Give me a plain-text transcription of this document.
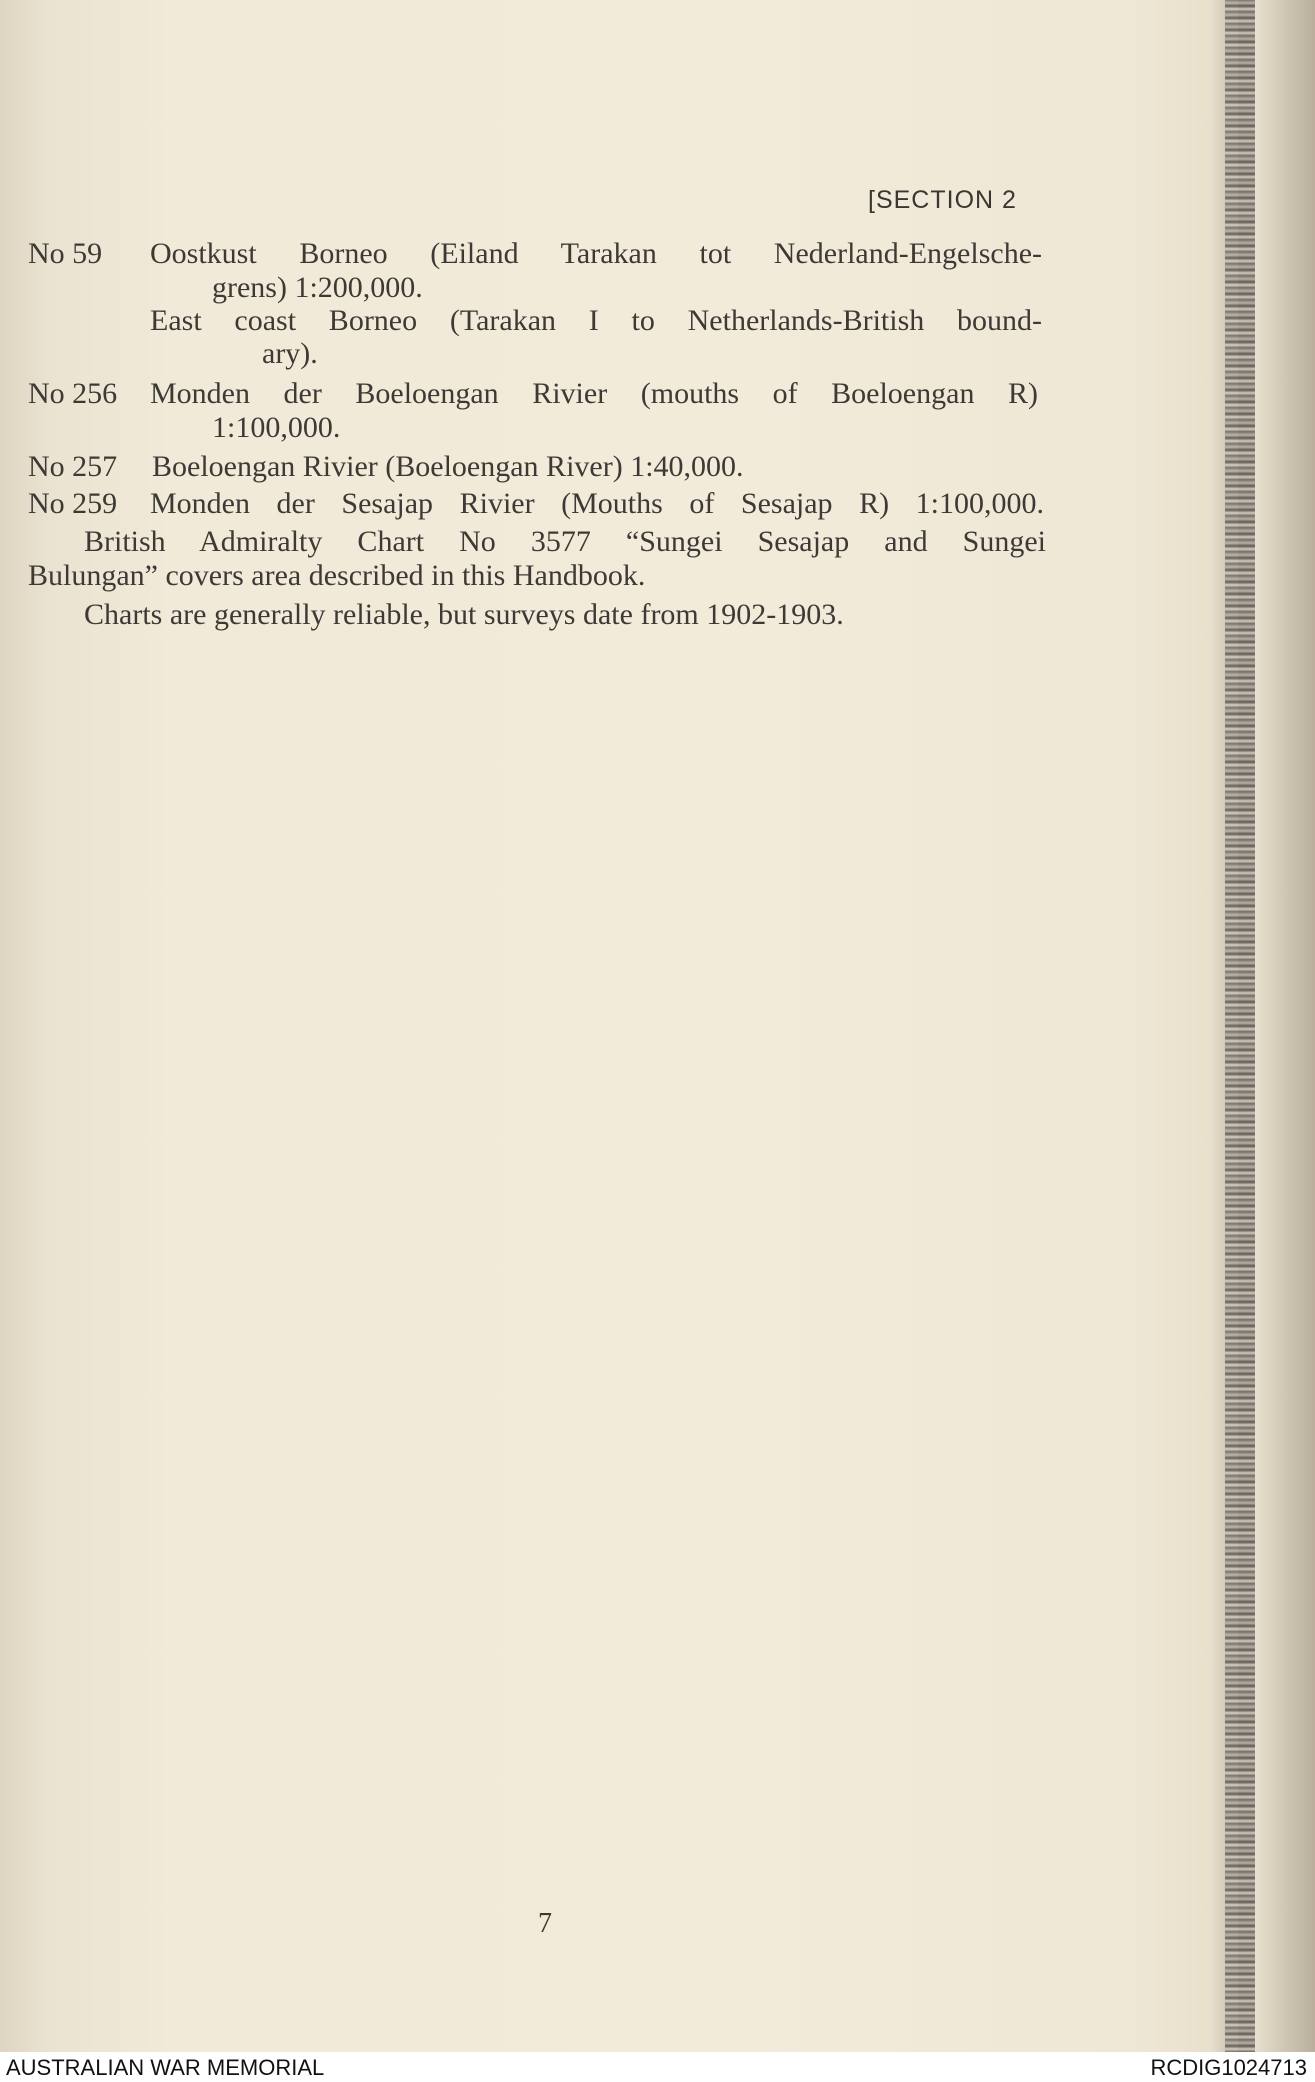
[SECTION 2
No 59 Oostkust Borneo (Eiland Tarakan tot Nederland-Engelsche-
grens) 1:200,000.
East coast Borneo (Tarakan I to Netherlands-British bound-
ary).
No 256 Monden der Boeloengan Rivier (mouths of Boeloengan R)
1:100,000.
No 257 Boeloengan Rivier (Boeloengan River) 1:40,000.
No 259 Monden der Sesajap Rivier (Mouths of Sesajap R) 1:100,000.
British Admiralty Chart No 3577 “Sungei Sesajap and Sungei
Bulungan” covers area described in this Handbook.
Charts are generally reliable, but surveys date from 1902-1903.
7
AUSTRALIAN WAR MEMORIAL	RCDIG1024713
